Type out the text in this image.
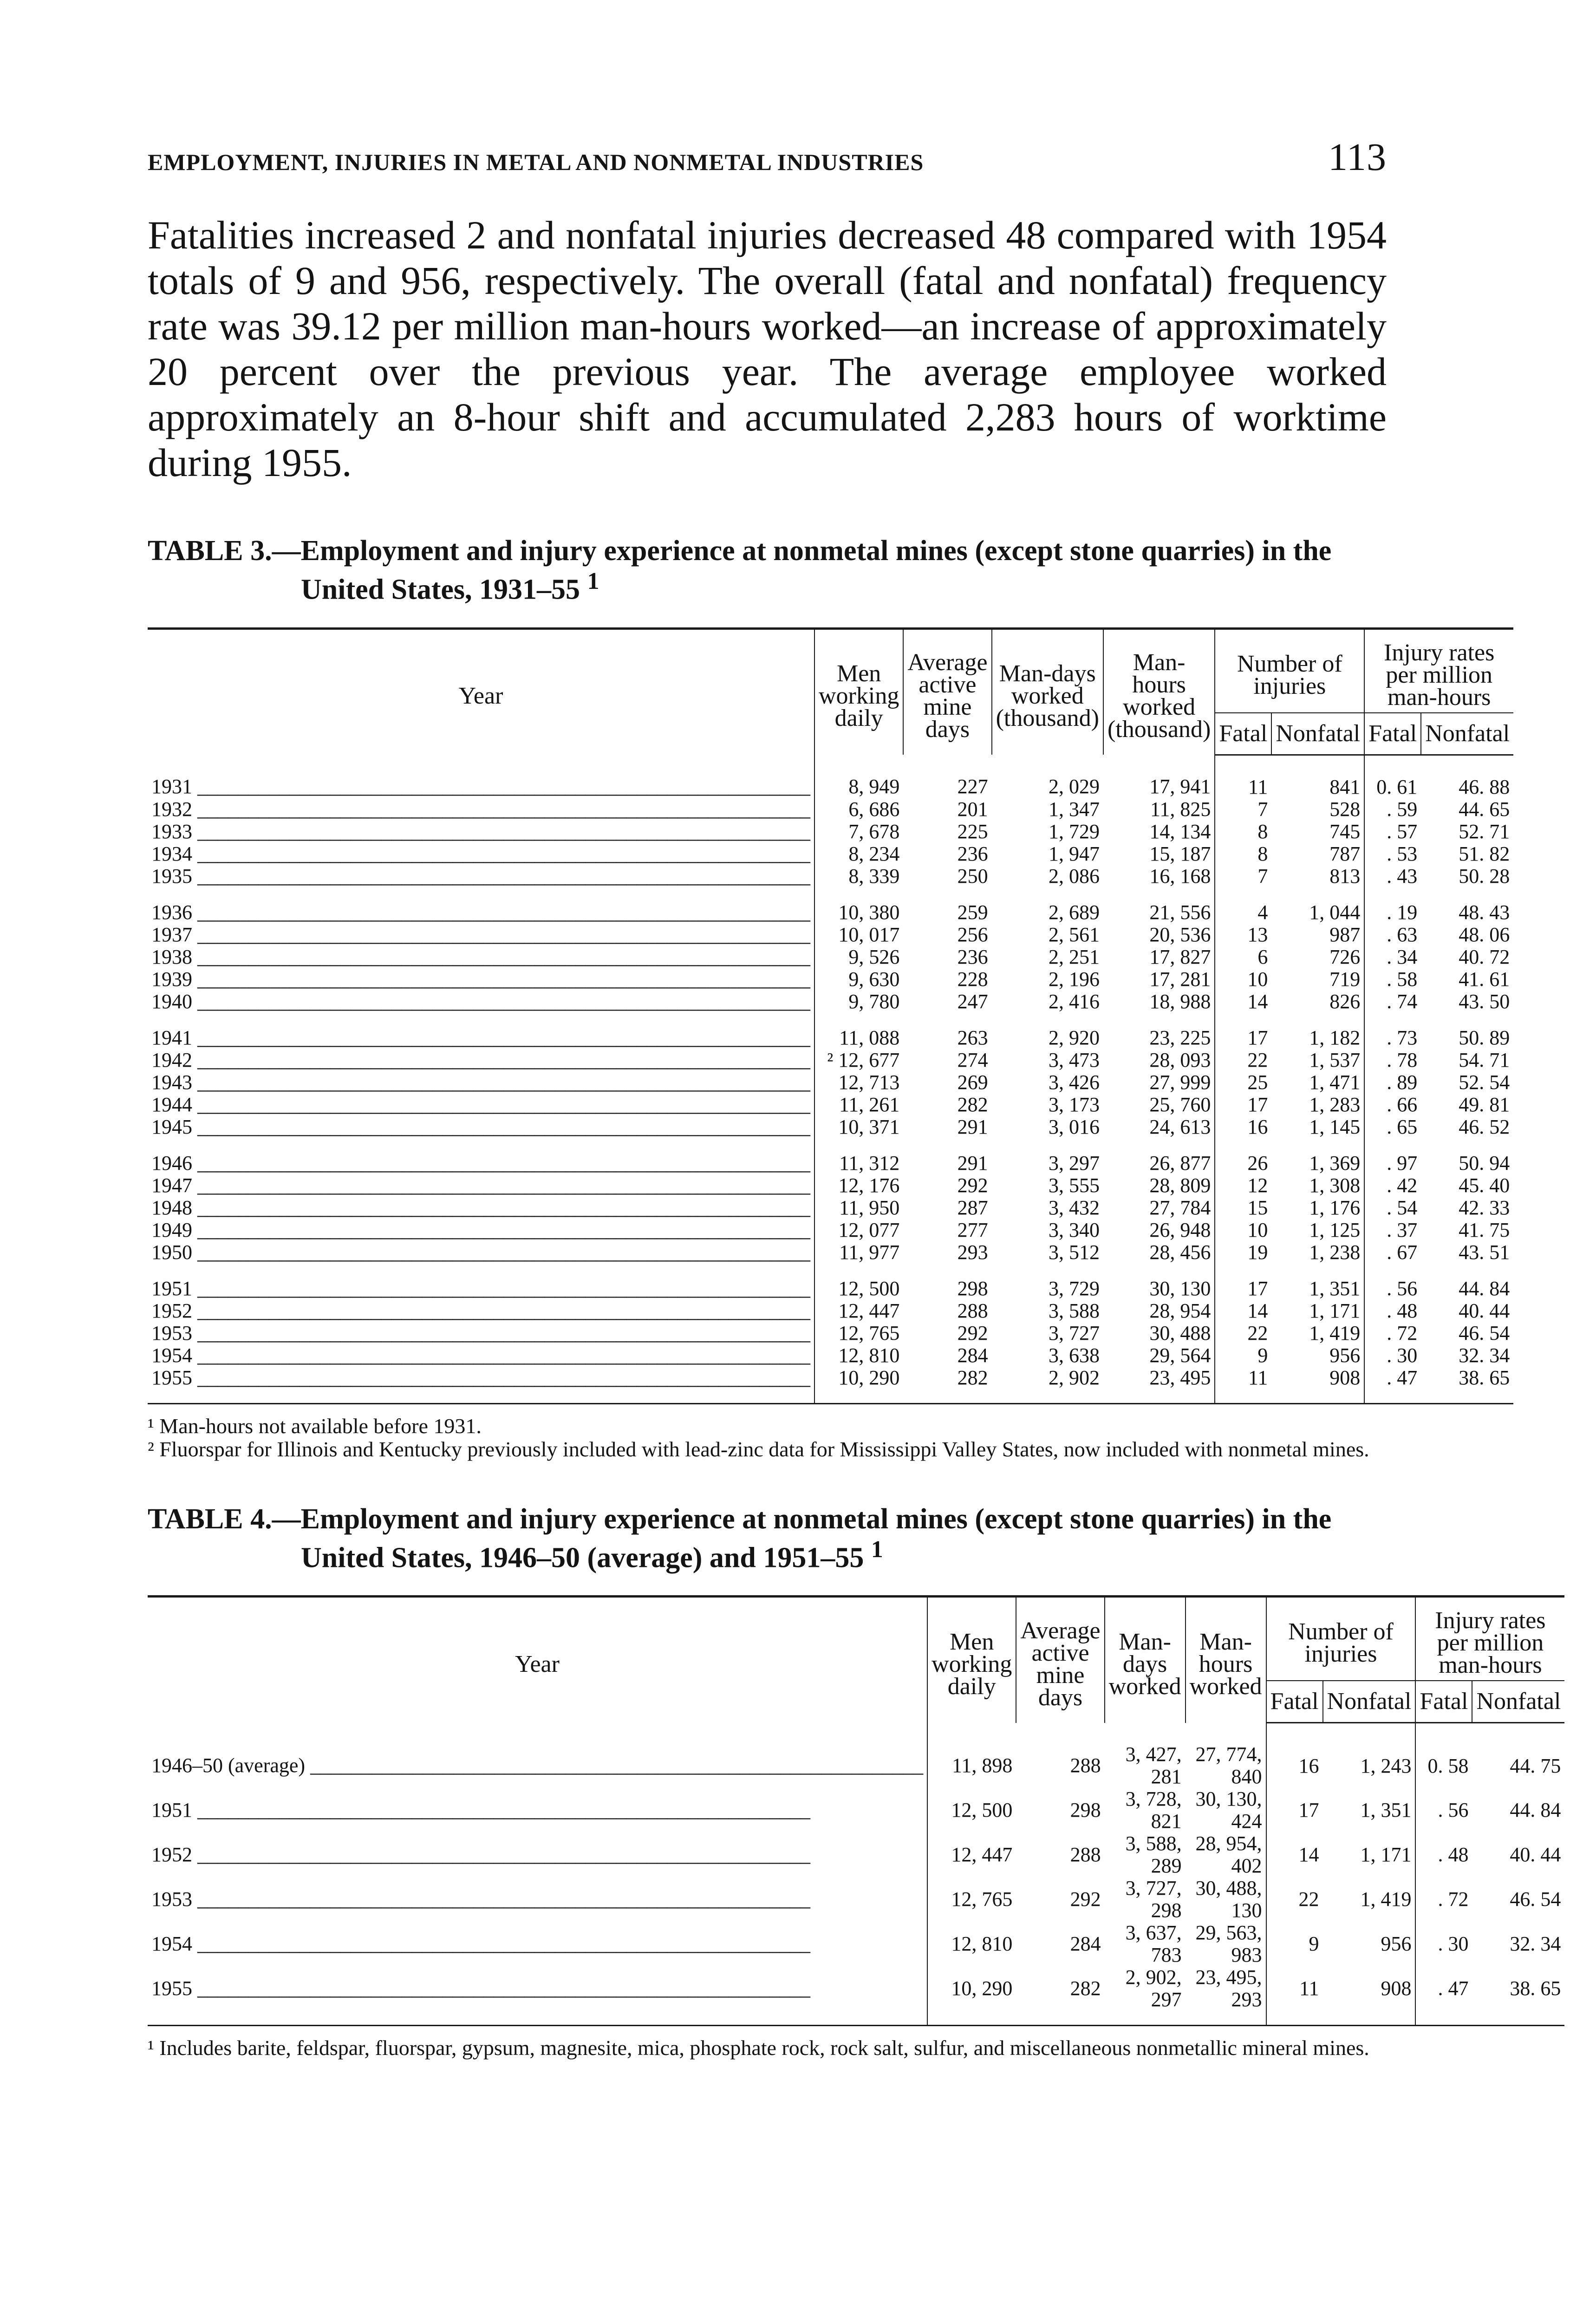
EMPLOYMENT, INJURIES IN METAL AND NONMETAL INDUSTRIES	113

Fatalities increased 2 and nonfatal injuries decreased 48 compared with 1954 totals of 9 and 956, respectively. The overall (fatal and nonfatal) frequency rate was 39.12 per million man-hours worked—an increase of approximately 20 percent over the previous year. The average employee worked approximately an 8-hour shift and accumulated 2,283 hours of worktime during 1955.

TABLE 3.—Employment and injury experience at nonmetal mines (except stone quarries) in the United States, 1931–55 $^1$
Year	Men working daily	Average active mine days	Man-days worked (thousand)	Man-hours worked (thousand)	Number of injuries		Injury rates per million man-hours	
					Fatal	Nonfatal	Fatal	Nonfatal
1931 ____________________________________________________________	8, 949	227	2, 029	17, 941	11	841	0. 61	46. 88
1932 ____________________________________________________________	6, 686	201	1, 347	11, 825	7	528	. 59	44. 65
1933 ____________________________________________________________	7, 678	225	1, 729	14, 134	8	745	. 57	52. 71
1934 ____________________________________________________________	8, 234	236	1, 947	15, 187	8	787	. 53	51. 82
1935 ____________________________________________________________	8, 339	250	2, 086	16, 168	7	813	. 43	50. 28
1936 ____________________________________________________________	10, 380	259	2, 689	21, 556	4	1, 044	. 19	48. 43
1937 ____________________________________________________________	10, 017	256	2, 561	20, 536	13	987	. 63	48. 06
1938 ____________________________________________________________	9, 526	236	2, 251	17, 827	6	726	. 34	40. 72
1939 ____________________________________________________________	9, 630	228	2, 196	17, 281	10	719	. 58	41. 61
1940 ____________________________________________________________	9, 780	247	2, 416	18, 988	14	826	. 74	43. 50
1941 ____________________________________________________________	11, 088	263	2, 920	23, 225	17	1, 182	. 73	50. 89
1942 ____________________________________________________________	² 12, 677	274	3, 473	28, 093	22	1, 537	. 78	54. 71
1943 ____________________________________________________________	12, 713	269	3, 426	27, 999	25	1, 471	. 89	52. 54
1944 ____________________________________________________________	11, 261	282	3, 173	25, 760	17	1, 283	. 66	49. 81
1945 ____________________________________________________________	10, 371	291	3, 016	24, 613	16	1, 145	. 65	46. 52
1946 ____________________________________________________________	11, 312	291	3, 297	26, 877	26	1, 369	. 97	50. 94
1947 ____________________________________________________________	12, 176	292	3, 555	28, 809	12	1, 308	. 42	45. 40
1948 ____________________________________________________________	11, 950	287	3, 432	27, 784	15	1, 176	. 54	42. 33
1949 ____________________________________________________________	12, 077	277	3, 340	26, 948	10	1, 125	. 37	41. 75
1950 ____________________________________________________________	11, 977	293	3, 512	28, 456	19	1, 238	. 67	43. 51
1951 ____________________________________________________________	12, 500	298	3, 729	30, 130	17	1, 351	. 56	44. 84
1952 ____________________________________________________________	12, 447	288	3, 588	28, 954	14	1, 171	. 48	40. 44
1953 ____________________________________________________________	12, 765	292	3, 727	30, 488	22	1, 419	. 72	46. 54
1954 ____________________________________________________________	12, 810	284	3, 638	29, 564	9	956	. 30	32. 34
1955 ____________________________________________________________	10, 290	282	2, 902	23, 495	11	908	. 47	38. 65

¹ Man-hours not available before 1931.

² Fluorspar for Illinois and Kentucky previously included with lead-zinc data for Mississippi Valley States, now included with nonmetal mines.

TABLE 4.—Employment and injury experience at nonmetal mines (except stone quarries) in the United States, 1946–50 (average) and 1951–55 $^1$
Year	Men working daily	Average active mine days	Man-days worked	Man-hours worked	Number of injuries		Injury rates per million man-hours	
					Fatal	Nonfatal	Fatal	Nonfatal
1946–50 (average) ____________________________________________________________	11, 898	288	3, 427, 281	27, 774, 840	16	1, 243	0. 58	44. 75
1951 ____________________________________________________________	12, 500	298	3, 728, 821	30, 130, 424	17	1, 351	. 56	44. 84
1952 ____________________________________________________________	12, 447	288	3, 588, 289	28, 954, 402	14	1, 171	. 48	40. 44
1953 ____________________________________________________________	12, 765	292	3, 727, 298	30, 488, 130	22	1, 419	. 72	46. 54
1954 ____________________________________________________________	12, 810	284	3, 637, 783	29, 563, 983	9	956	. 30	32. 34
1955 ____________________________________________________________	10, 290	282	2, 902, 297	23, 495, 293	11	908	. 47	38. 65

¹ Includes barite, feldspar, fluorspar, gypsum, magnesite, mica, phosphate rock, rock salt, sulfur, and miscellaneous nonmetallic mineral mines.
